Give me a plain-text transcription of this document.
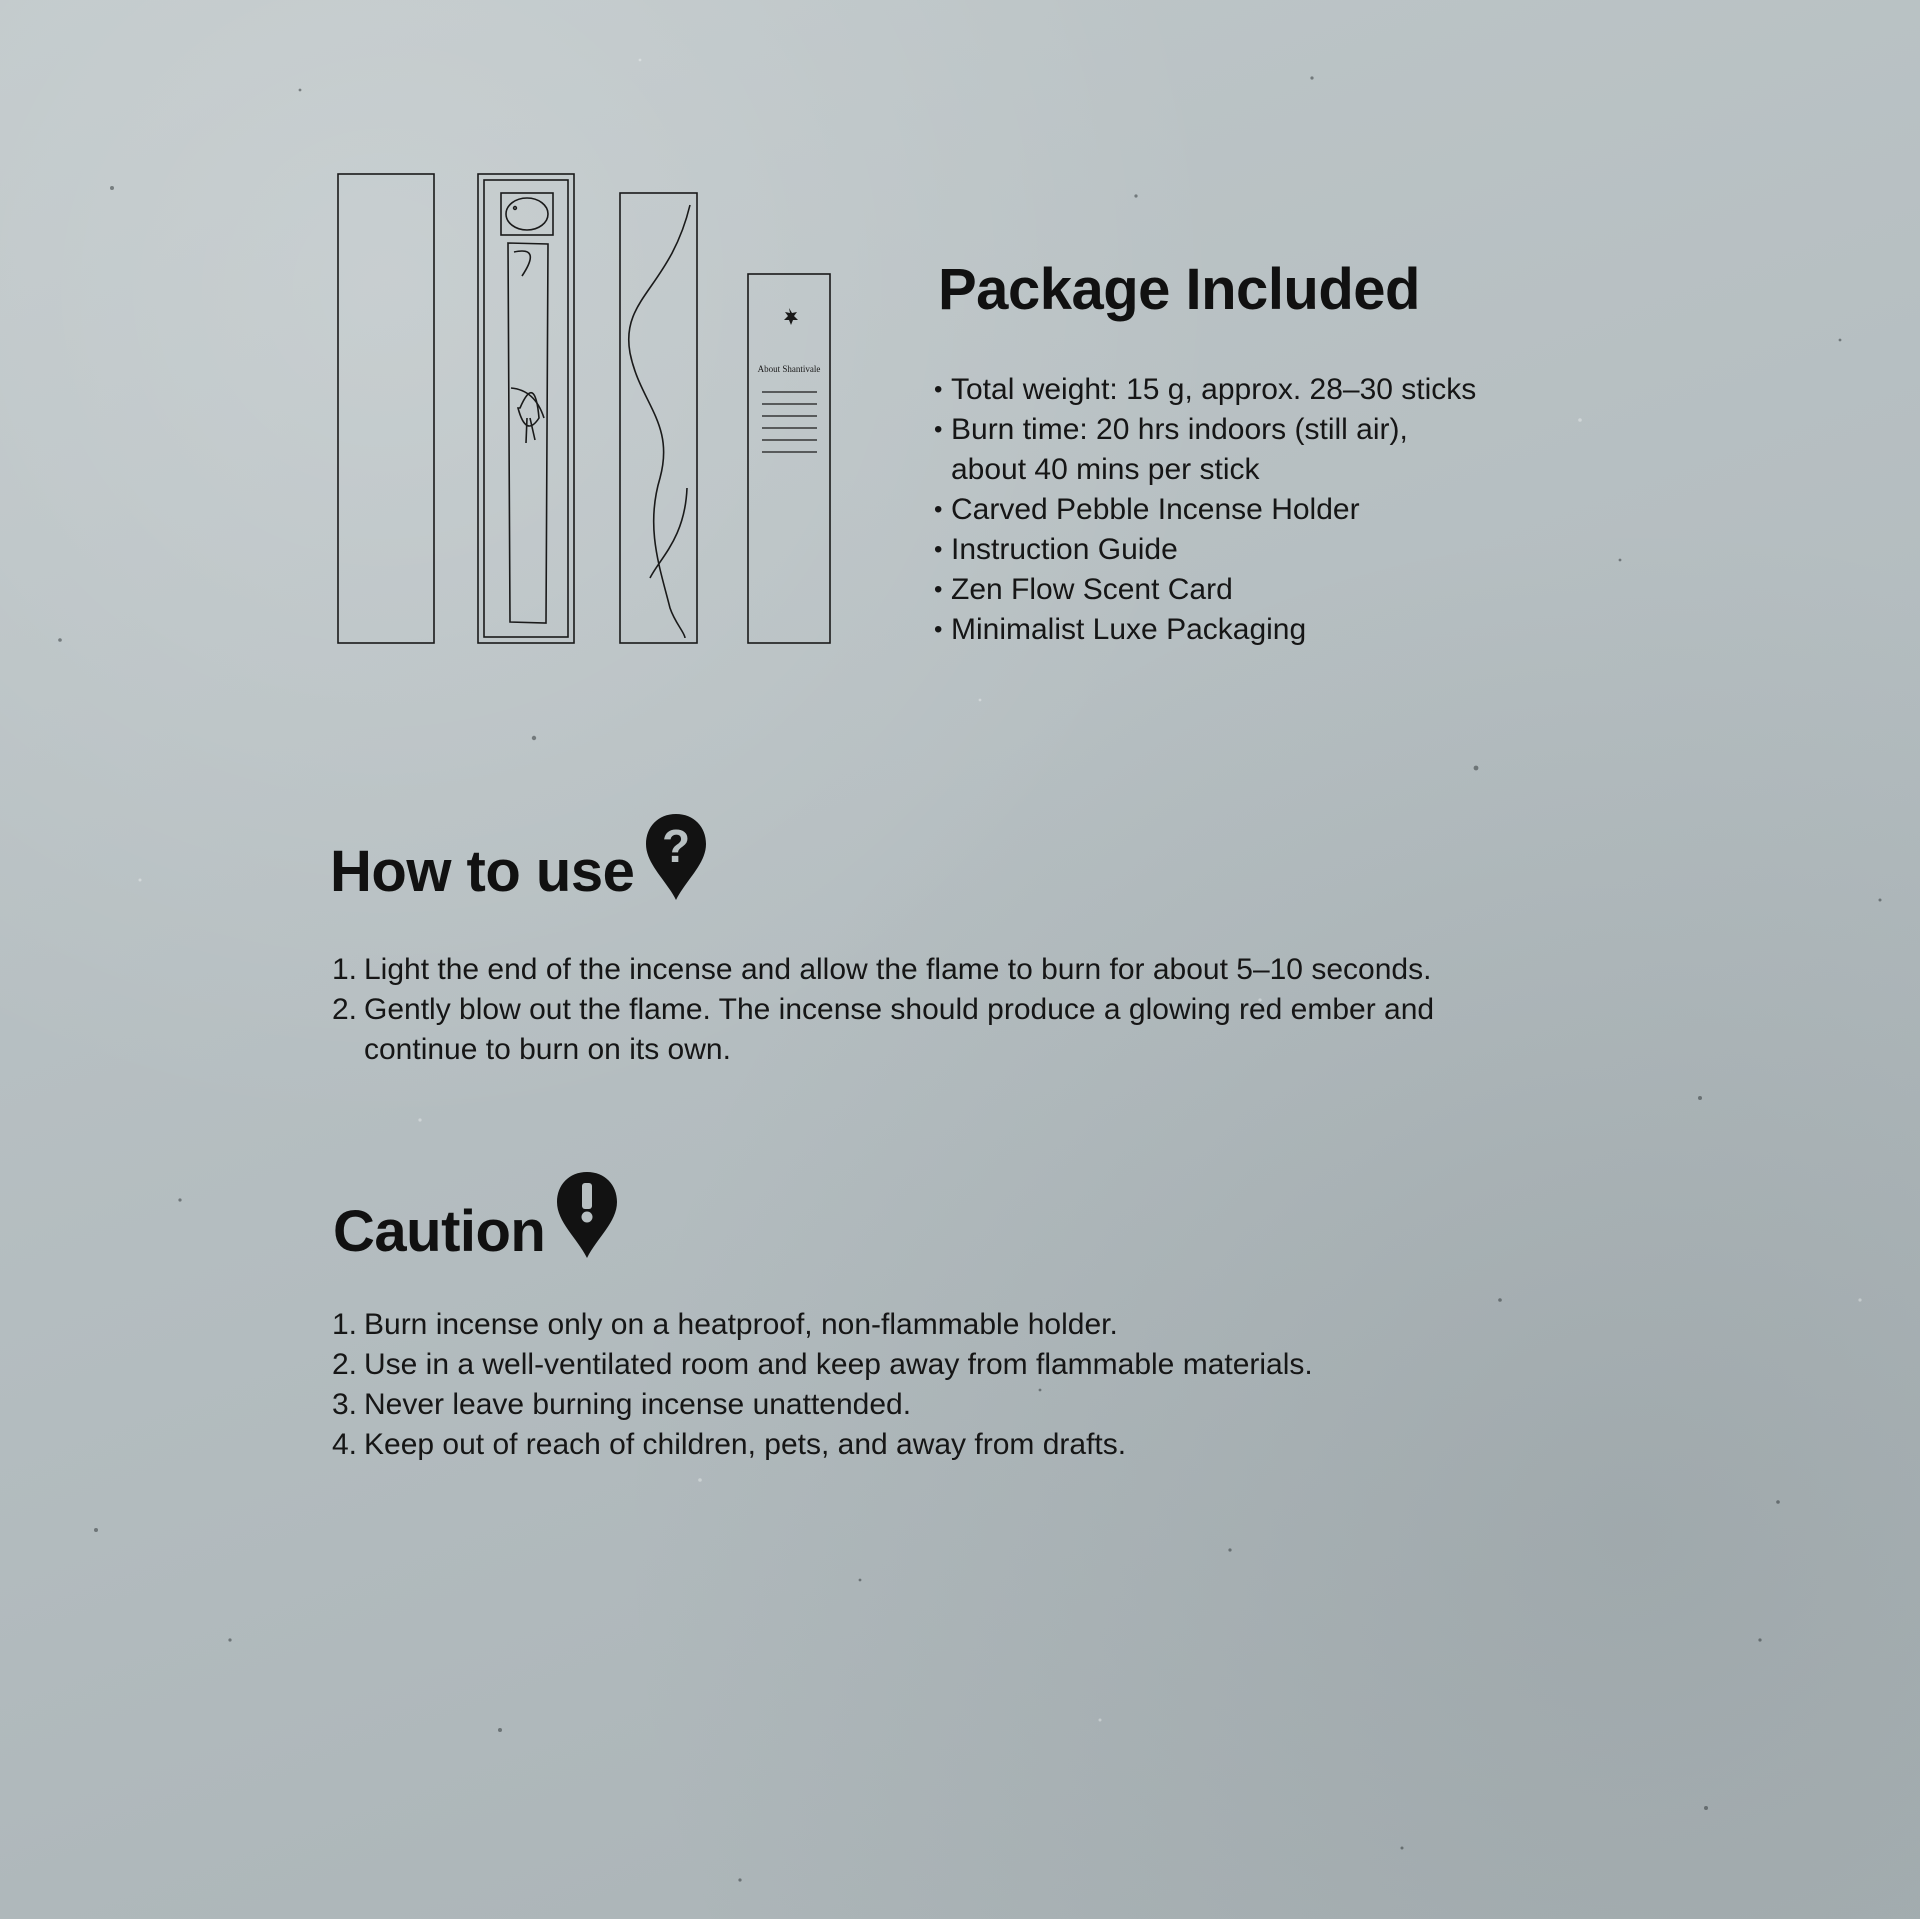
About Shantivale
Package Included
• Total weight: 15 g, approx. 28–30 sticks
• Burn time: 20 hrs indoors (still air),
about 40 mins per stick
• Carved Pebble Incense Holder
• Instruction Guide
• Zen Flow Scent Card
• Minimalist Luxe Packaging
How to use ?
1. Light the end of the incense and allow the flame to burn for about 5–10 seconds.
2. Gently blow out the flame. The incense should produce a glowing red ember and continue to burn on its own.
Caution
1. Burn incense only on a heatproof, non-flammable holder.
2. Use in a well-ventilated room and keep away from flammable materials.
3. Never leave burning incense unattended.
4. Keep out of reach of children, pets, and away from drafts.
